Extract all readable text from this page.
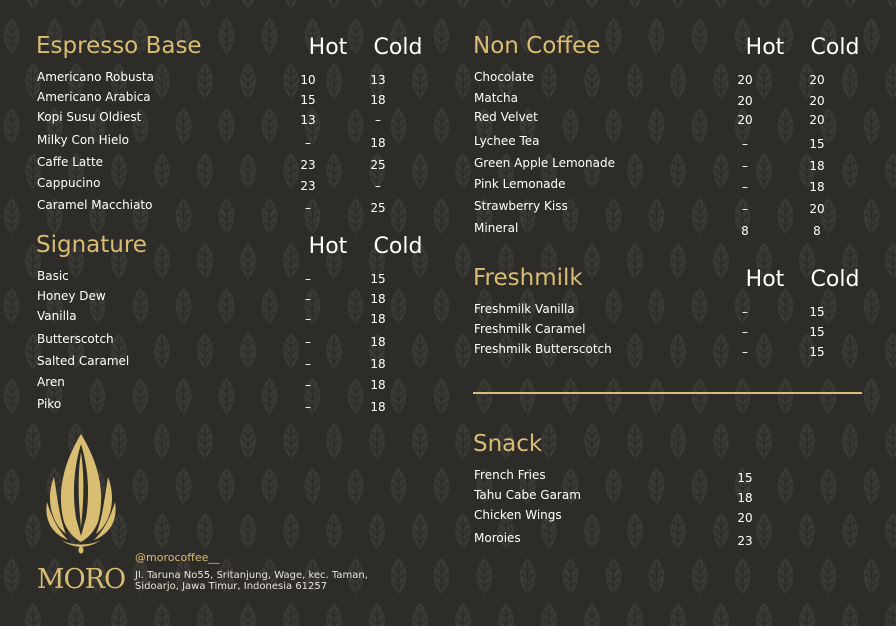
Espresso Base	Hot	Cold
Americano Robusta	10	13
Americano Arabica	15	18
Kopi Susu Oldiest	13	–
Milky Con Hielo	–	18
Caffe Latte	23	25
Cappucino	23	–
Caramel Macchiato	–	25
Signature	Hot	Cold
Basic	–	15
Honey Dew	–	18
Vanilla	–	18
Butterscotch	–	18
Salted Caramel	–	18
Aren	–	18
Piko	–	18
Non Coffee	Hot	Cold
Chocolate	20	20
Matcha	20	20
Red Velvet	20	20
Lychee Tea	–	15
Green Apple Lemonade	–	18
Pink Lemonade	–	18
Strawberry Kiss	–	20
Mineral	8	8
Freshmilk	Hot	Cold
Freshmilk Vanilla	–	15
Freshmilk Caramel	–	15
Freshmilk Butterscotch	–	15
Snack
French Fries	15
Tahu Cabe Garam	18
Chicken Wings	20
Moroies	23
MORO
@morocoffee__
Jl. Taruna No55, Sritanjung, Wage, kec. Taman,
Sidoarjo, Jawa Timur, Indonesia 61257
